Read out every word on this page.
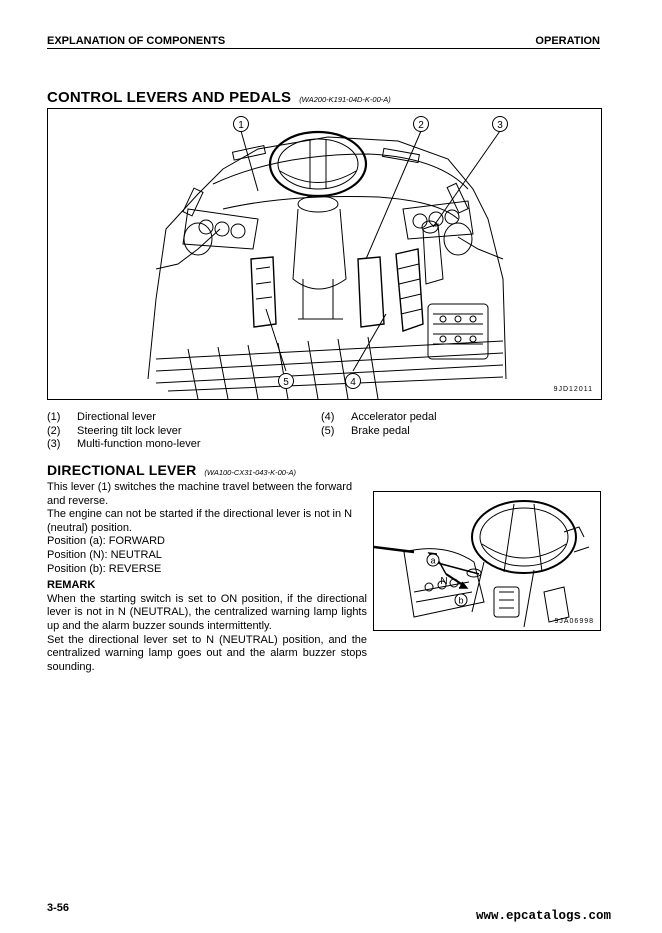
EXPLANATION OF COMPONENTS	OPERATION
CONTROL LEVERS AND PEDALS (WA200-K191-04D-K-00-A)
1	2	3
4
5
9JD12011
(1) Directional lever
(2) Steering tilt lock lever
(3) Multi-function mono-lever
(4) Accelerator pedal
(5) Brake pedal
DIRECTIONAL LEVER (WA100-CX31-043-K-00-A)

This lever (1) switches the machine travel between the forward and reverse.

The engine can not be started if the directional lever is not in N (neutral) position.

Position (a): FORWARD

Position (N): NEUTRAL

Position (b): REVERSE

REMARK

When the starting switch is set to ON position, if the directional lever is not in N (NEUTRAL), the centralized warning lamp lights up and the alarm buzzer sounds intermittently.

Set the directional lever set to N (NEUTRAL) position, and the centralized warning lamp goes out and the alarm buzzer stops sounding.

a
N
b
9JA06998
3-56
www.epcatalogs.com
